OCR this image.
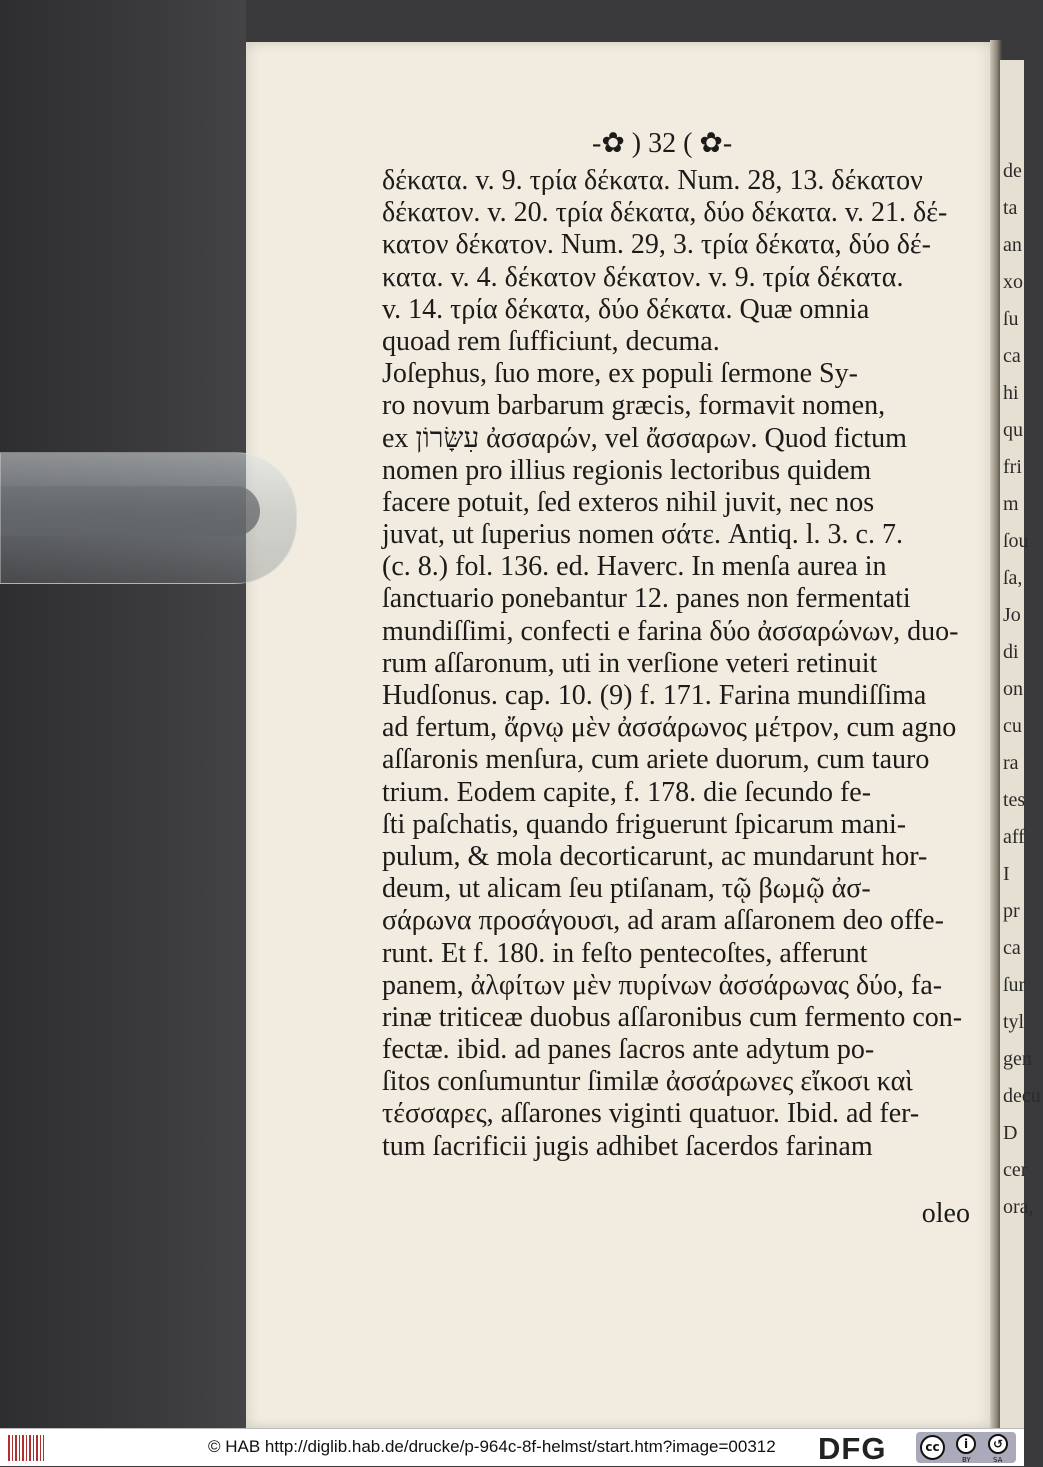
de
ta
an
xo
ſu
ca
hi
qu
fri
m
ſou
ſa,
Jo
di
on
cu
ra
tes
aff
I
pr
ca
ſur
tyl
gen
decu
D
cer
ora,
-✿ ) 32 ( ✿-
δέκατα. v. 9. τρία δέκατα. Num. 28, 13. δέκατον
δέκατον. v. 20. τρία δέκατα, δύο δέκατα. v. 21. δέ-
κατον δέκατον. Num. 29, 3. τρία δέκατα, δύο δέ-
κατα. v. 4. δέκατον δέκατον. v. 9. τρία δέκατα.
v. 14. τρία δέκατα, δύο δέκατα. Quæ omnia
quoad rem ſufficiunt, decuma.
Joſephus, ſuo more, ex populi ſermone Sy-
ro novum barbarum græcis, formavit nomen,
ex עִשָּׂרוֹן ἀσσαρών, vel ἄσσαρων. Quod fictum
nomen pro illius regionis lectoribus quidem
facere potuit, ſed exteros nihil juvit, nec nos
juvat, ut ſuperius nomen σάτε. Antiq. l. 3. c. 7.
(c. 8.) fol. 136. ed. Haverc. In menſa aurea in
ſanctuario ponebantur 12. panes non fermentati
mundiſſimi, confecti e farina δύο ἀσσαρώνων, duo-
rum aſſaronum, uti in verſione veteri retinuit
Hudſonus. cap. 10. (9) f. 171. Farina mundiſſima
ad fertum, ἄρνῳ μὲν ἀσσάρωνος μέτρον, cum agno
aſſaronis menſura, cum ariete duorum, cum tauro
trium. Eodem capite, f. 178. die ſecundo fe-
ſti paſchatis, quando friguerunt ſpicarum mani-
pulum, & mola decorticarunt, ac mundarunt hor-
deum, ut alicam ſeu ptiſanam, τῷ βωμῷ ἀσ-
σάρωνα προσάγουσι, ad aram aſſaronem deo offe-
runt. Et f. 180. in feſto pentecoſtes, afferunt
panem, ἀλφίτων μὲν πυρίνων ἀσσάρωνας δύο, fa-
rinæ triticeæ duobus aſſaronibus cum fermento con-
fectæ. ibid. ad panes ſacros ante adytum po-
ſitos conſumuntur ſimilæ ἀσσάρωνες εἴκοσι καὶ
τέσσαρες, aſſarones viginti quatuor. Ibid. ad fer-
tum ſacrificii jugis adhibet ſacerdos farinam
oleo
© HAB http://diglib.hab.de/drucke/p-964c-8f-helmst/start.htm?image=00312 DFG	cc	i	↺
BY	SA
